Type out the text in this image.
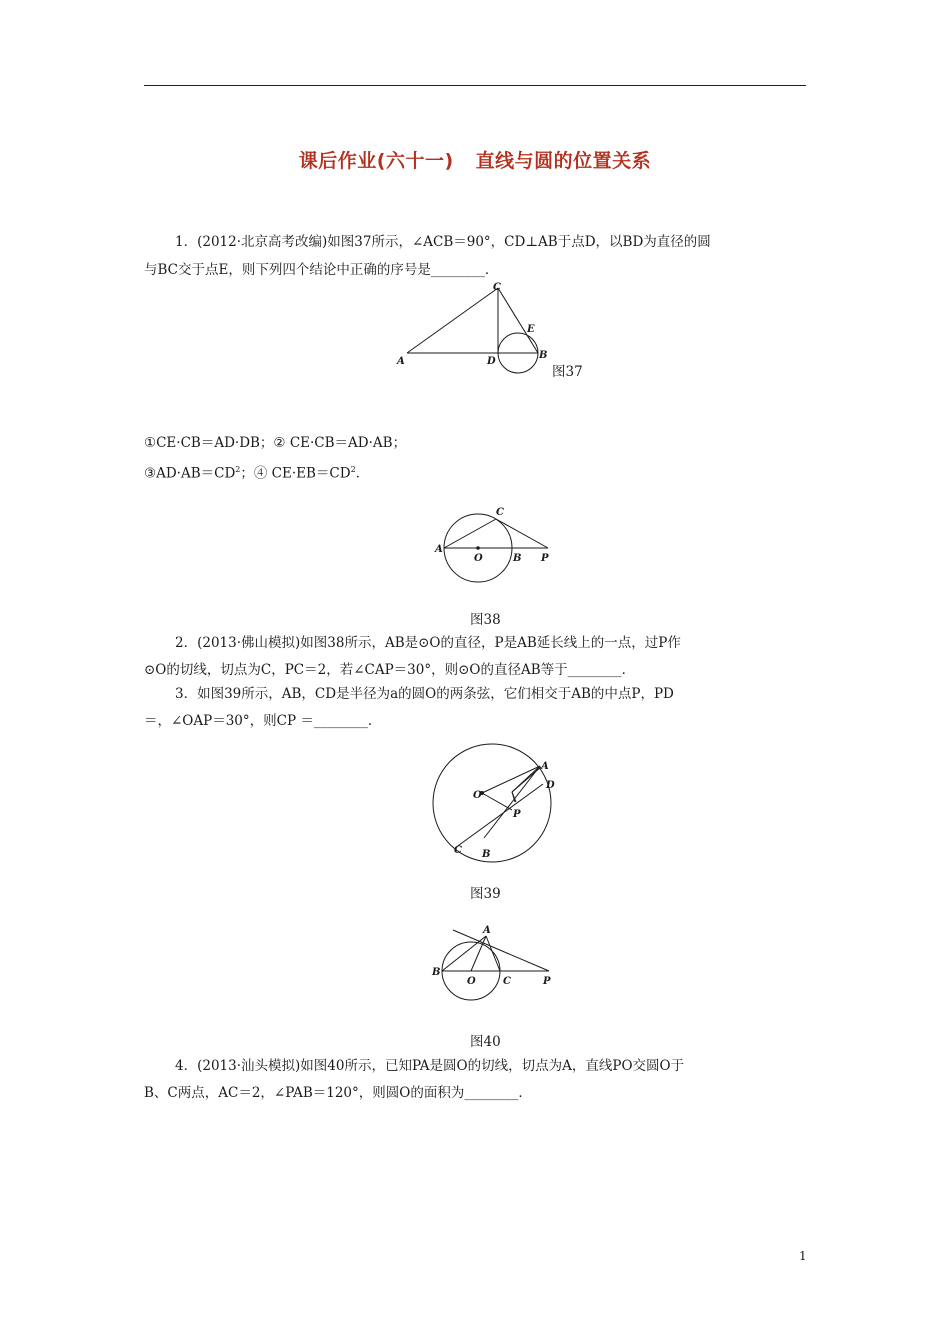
课后作业(六十一) 直线与圆的位置关系
1．(2012·北京高考改编)如图37所示，∠ACB＝90°，CD⊥AB于点D，以BD为直径的圆
与BC交于点E，则下列四个结论中正确的序号是________．
A
C
D
E
B
图37
①CE·CB＝AD·DB；② CE·CB＝AD·AB；
$③AD\cdot AB=CD^2$；④ $CE\cdot EB=CD^2$．
A
O	B P
C
图38
2．(2013·佛山模拟)如图38所示，AB是⊙O的直径，P是AB延长线上的一点，过P作
⊙O的切线，切点为C，PC＝2，若∠CAP＝30°，则⊙O的直径AB等于________．
3．如图39所示，AB，CD是半径为a的圆O的两条弦，它们相交于AB的中点P，PD
＝，∠OAP＝30°，则CP ＝________．
A
D
O
P
C B
图39
A
B
O	C	P
图40
4．(2013·汕头模拟)如图40所示，已知PA是圆O的切线，切点为A，直线PO交圆O于
B、C两点，AC＝2，∠PAB＝120°，则圆O的面积为________．
1
